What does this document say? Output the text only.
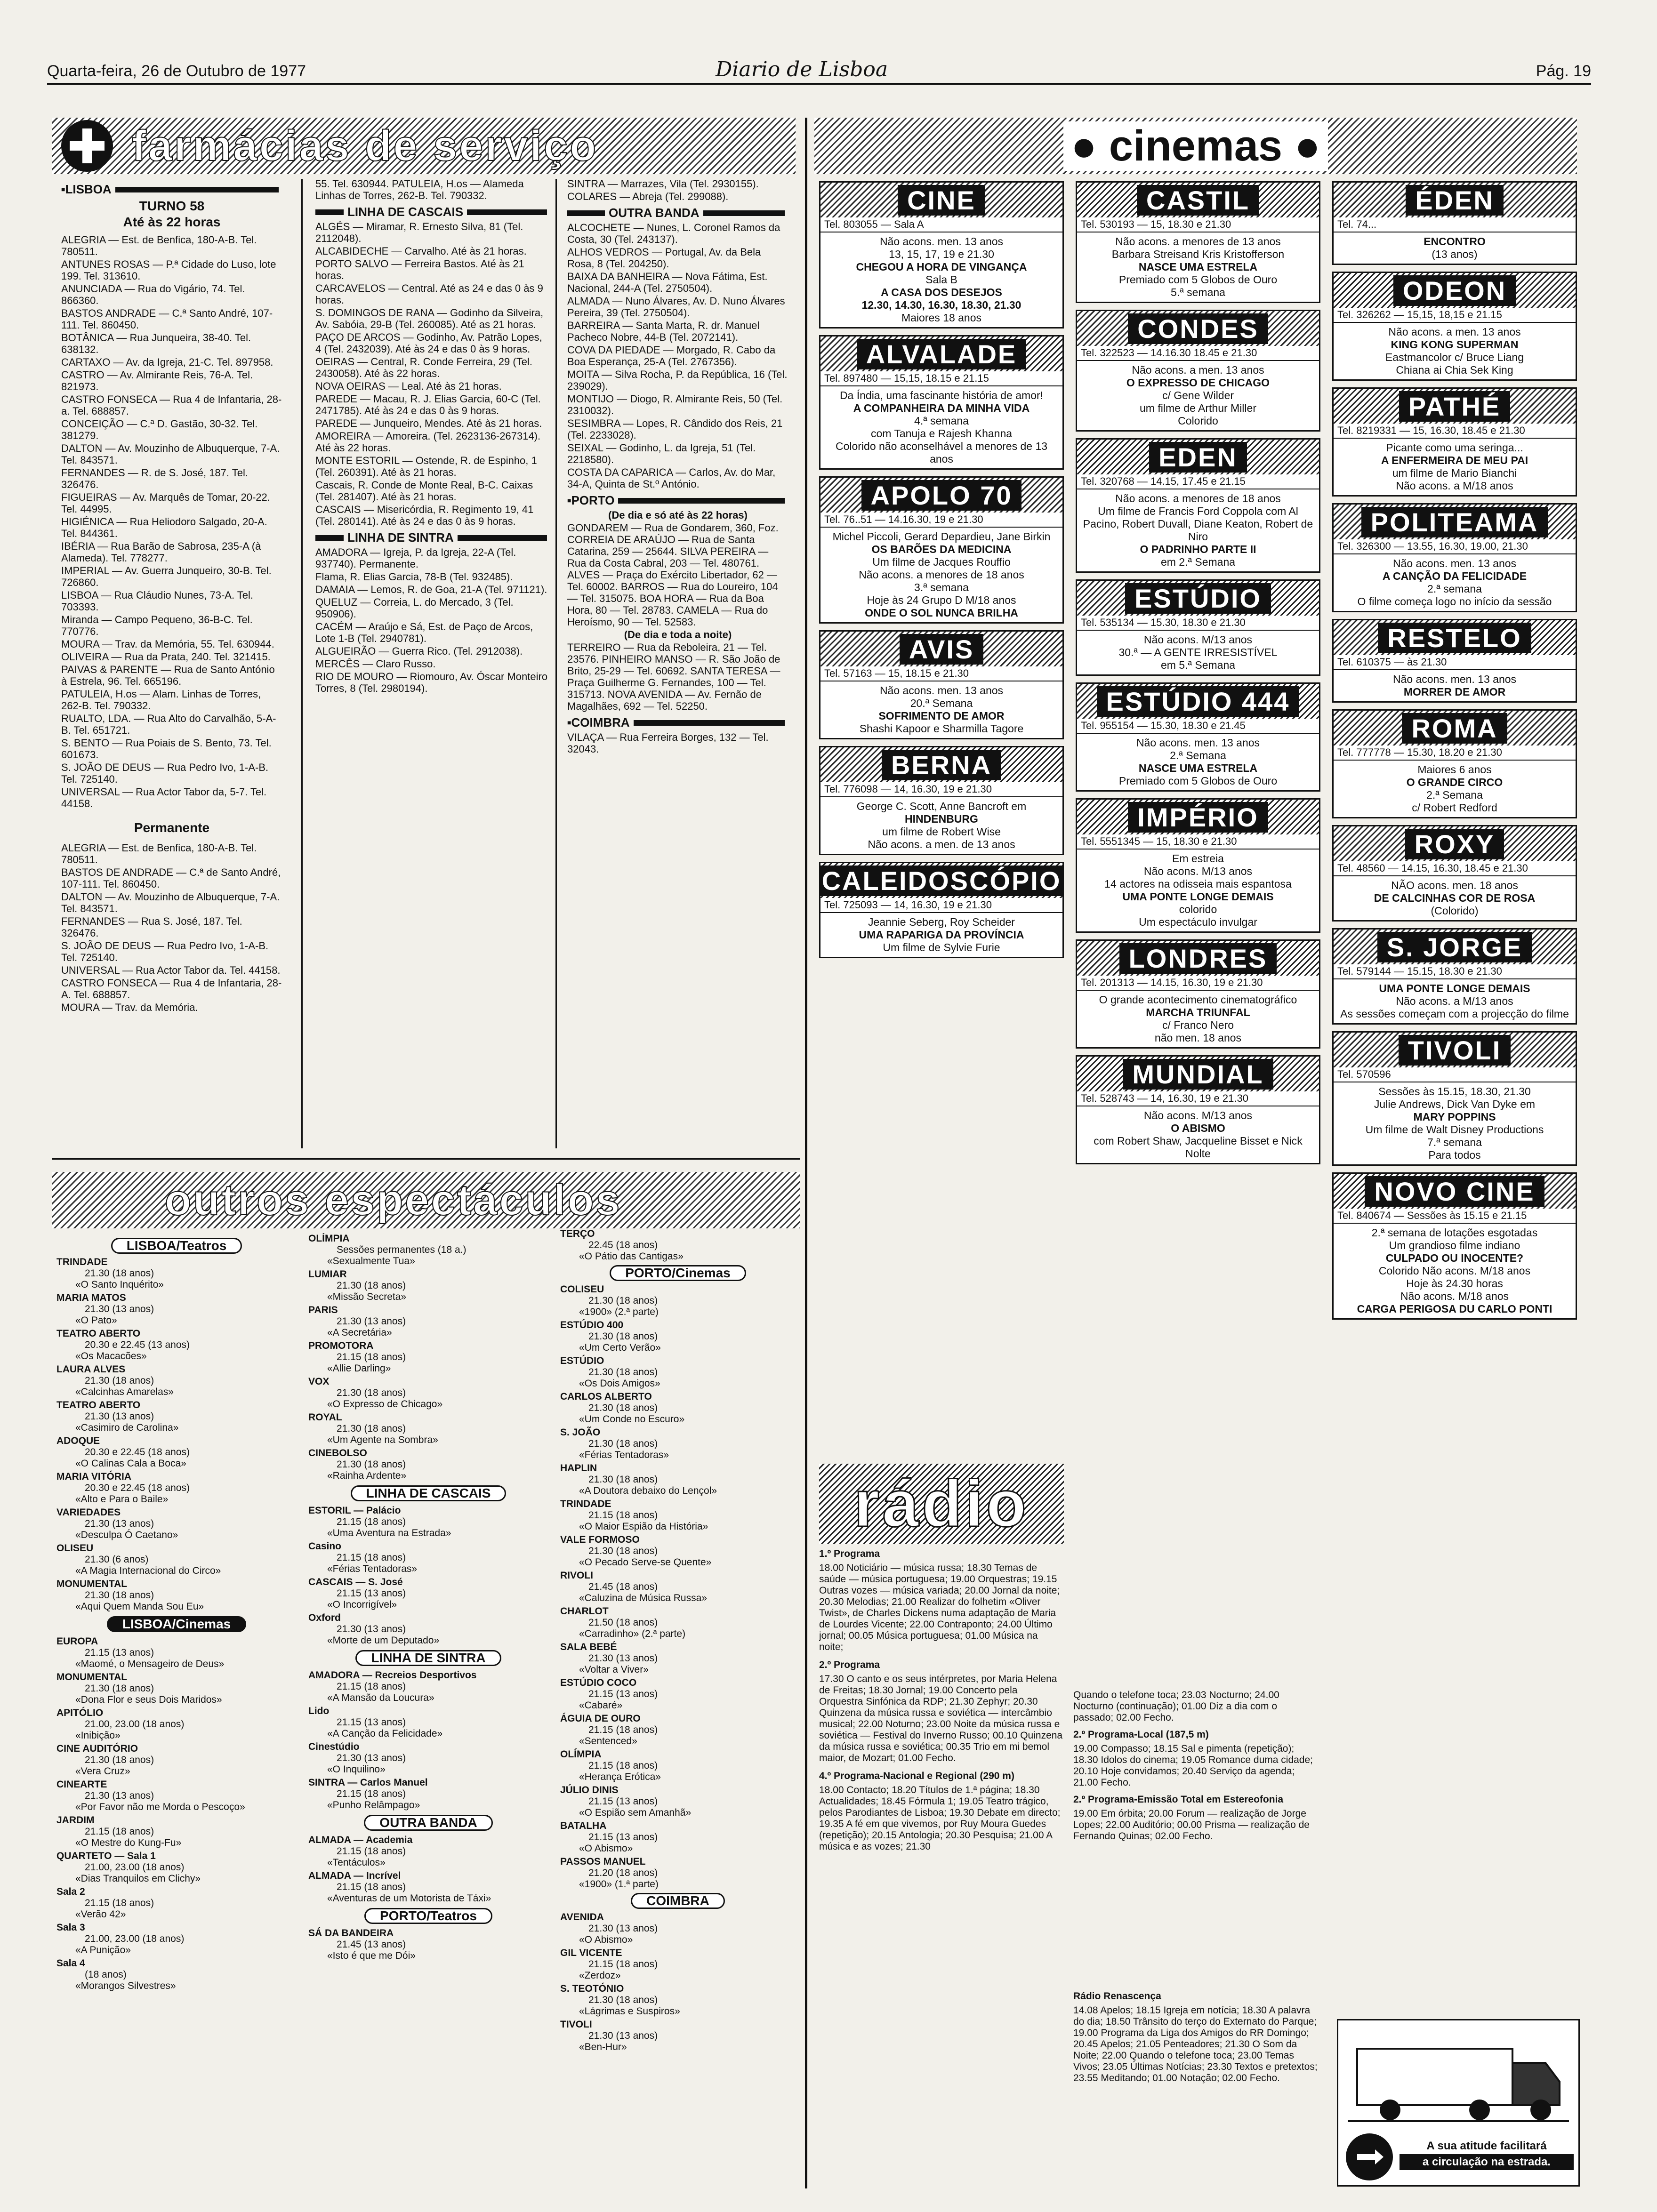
Quarta-feira, 26 de Outubro de 1977	Diario de Lisboa	Pág. 19
farmácias de serviço
■ LISBOA
TURNO 58
Até às 22 horas

ALEGRIA — Est. de Benfica, 180-A-B. Tel. 780511.

ANTUNES ROSAS — P.ª Cidade do Luso, lote 199. Tel. 313610.

ANUNCIADA — Rua do Vigário, 74. Tel. 866360.

BASTOS ANDRADE — C.ª Santo André, 107-111. Tel. 860450.

BOTÂNICA — Rua Junqueira, 38-40. Tel. 638132.

CARTAXO — Av. da Igreja, 21-C. Tel. 897958.

CASTRO — Av. Almirante Reis, 76-A. Tel. 821973.

CASTRO FONSECA — Rua 4 de Infantaria, 28-a. Tel. 688857.

CONCEIÇÃO — C.ª D. Gastão, 30-32. Tel. 381279.

DALTON — Av. Mouzinho de Albuquerque, 7-A. Tel. 843571.

FERNANDES — R. de S. José, 187. Tel. 326476.

FIGUEIRAS — Av. Marquês de Tomar, 20-22. Tel. 44995.

HIGIÉNICA — Rua Heliodoro Salgado, 20-A. Tel. 844361.

IBÉRIA — Rua Barão de Sabrosa, 235-A (à Alameda). Tel. 778277.

IMPERIAL — Av. Guerra Junqueiro, 30-B. Tel. 726860.

LISBOA — Rua Cláudio Nunes, 73-A. Tel. 703393.

Miranda — Campo Pequeno, 36-B-C. Tel. 770776.

MOURA — Trav. da Memória, 55. Tel. 630944.

OLIVEIRA — Rua da Prata, 240. Tel. 321415.

PAIVAS & PARENTE — Rua de Santo António à Estrela, 96. Tel. 665196.

PATULEIA, H.os — Alam. Linhas de Torres, 262-B. Tel. 790332.

RUALTO, LDA. — Rua Alto do Carvalhão, 5-A-B. Tel. 651721.

S. BENTO — Rua Poiais de S. Bento, 73. Tel. 601673.

S. JOÃO DE DEUS — Rua Pedro Ivo, 1-A-B. Tel. 725140.

UNIVERSAL — Rua Actor Tabor da, 5-7. Tel. 44158.

Permanente

ALEGRIA — Est. de Benfica, 180-A-B. Tel. 780511.

BASTOS DE ANDRADE — C.ª de Santo André, 107-111. Tel. 860450.

DALTON — Av. Mouzinho de Albuquerque, 7-A. Tel. 843571.

FERNANDES — Rua S. José, 187. Tel. 326476.

S. JOÃO DE DEUS — Rua Pedro Ivo, 1-A-B. Tel. 725140.

UNIVERSAL — Rua Actor Tabor da. Tel. 44158.

CASTRO FONSECA — Rua 4 de Infantaria, 28-A. Tel. 688857.

MOURA — Trav. da Memória.

55. Tel. 630944. PATULEIA, H.os — Alameda Linhas de Torres, 262-B. Tel. 790332.

LINHA DE CASCAIS

ALGÉS — Miramar, R. Ernesto Silva, 81 (Tel. 2112048).

ALCABIDECHE — Carvalho. Até às 21 horas.

PORTO SALVO — Ferreira Bastos. Até às 21 horas.

CARCAVELOS — Central. Até as 24 e das 0 às 9 horas.

S. DOMINGOS DE RANA — Godinho da Silveira, Av. Sabóia, 29-B (Tel. 260085). Até as 21 horas.

PAÇO DE ARCOS — Godinho, Av. Patrão Lopes, 4 (Tel. 2432039). Até às 24 e das 0 às 9 horas.

OEIRAS — Central, R. Conde Ferreira, 29 (Tel. 2430058). Até às 22 horas.

NOVA OEIRAS — Leal. Até às 21 horas.

PAREDE — Macau, R. J. Elias Garcia, 60-C (Tel. 2471785). Até às 24 e das 0 às 9 horas.

PAREDE — Junqueiro, Mendes. Até às 21 horas.

AMOREIRA — Amoreira. (Tel. 2623136-267314). Até às 22 horas.

MONTE ESTORIL — Ostende, R. de Espinho, 1 (Tel. 260391). Até às 21 horas.

Cascais, R. Conde de Monte Real, B-C. Caixas (Tel. 281407). Até às 21 horas.

CASCAIS — Misericórdia, R. Regimento 19, 41 (Tel. 280141). Até às 24 e das 0 às 9 horas.

LINHA DE SINTRA

AMADORA — Igreja, P. da Igreja, 22-A (Tel. 937740). Permanente.

Flama, R. Elias Garcia, 78-B (Tel. 932485).

DAMAIA — Lemos, R. de Goa, 21-A (Tel. 971121).

QUELUZ — Correia, L. do Mercado, 3 (Tel. 950906).

CACÉM — Araújo e Sá, Est. de Paço de Arcos, Lote 1-B (Tel. 2940781).

ALGUEIRÃO — Guerra Rico. (Tel. 2912038).

MERCÊS — Claro Russo.

RIO DE MOURO — Riomouro, Av. Óscar Monteiro Torres, 8 (Tel. 2980194).

SINTRA — Marrazes, Vila (Tel. 2930155).

COLARES — Abreja (Tel. 299088).

OUTRA BANDA

ALCOCHETE — Nunes, L. Coronel Ramos da Costa, 30 (Tel. 243137).

ALHOS VEDROS — Portugal, Av. da Bela Rosa, 8 (Tel. 204250).

BAIXA DA BANHEIRA — Nova Fátima, Est. Nacional, 244-A (Tel. 2750504).

ALMADA — Nuno Álvares, Av. D. Nuno Álvares Pereira, 39 (Tel. 2750504).

BARREIRA — Santa Marta, R. dr. Manuel Pacheco Nobre, 44-B (Tel. 2072141).

COVA DA PIEDADE — Morgado, R. Cabo da Boa Esperança, 25-A (Tel. 2767356).

MOITA — Silva Rocha, P. da República, 16 (Tel. 239029).

MONTIJO — Diogo, R. Almirante Reis, 50 (Tel. 2310032).

SESIMBRA — Lopes, R. Cândido dos Reis, 21 (Tel. 2233028).

SEIXAL — Godinho, L. da Igreja, 51 (Tel. 2218580).

COSTA DA CAPARICA — Carlos, Av. do Mar, 34-A, Quinta de St.º António.

■ PORTO

(De dia e só até às 22 horas)

GONDAREM — Rua de Gondarem, 360, Foz. CORREIA DE ARAÚJO — Rua de Santa Catarina, 259 — 25644. SILVA PEREIRA — Rua da Costa Cabral, 203 — Tel. 480761. ALVES — Praça do Exército Libertador, 62 — Tel. 60002. BARROS — Rua do Loureiro, 104 — Tel. 315075. BOA HORA — Rua da Boa Hora, 80 — Tel. 28783. CAMELA — Rua do Heroísmo, 90 — Tel. 52583.

(De dia e toda a noite)

TERREIRO — Rua da Reboleira, 21 — Tel. 23576. PINHEIRO MANSO — R. São João de Brito, 25-29 — Tel. 60692. SANTA TERESA — Praça Guilherme G. Fernandes, 100 — Tel. 315713. NOVA AVENIDA — Av. Fernão de Magalhães, 692 — Tel. 52250.

■ COIMBRA

VILAÇA — Rua Ferreira Borges, 132 — Tel. 32043.

outros espectáculos
LISBOA/Teatros
TRINDADE
21.30 (18 anos)
«O Santo Inquérito»
MARIA MATOS
21.30 (13 anos)
«O Pato»
TEATRO ABERTO
20.30 e 22.45 (13 anos)
«Os Macacões»
LAURA ALVES
21.30 (18 anos)
«Calcinhas Amarelas»
TEATRO ABERTO
21.30 (13 anos)
«Casimiro de Carolina»
ADOQUE
20.30 e 22.45 (18 anos)
«O Calinas Cala a Boca»
MARIA VITÓRIA
20.30 e 22.45 (18 anos)
«Alto e Para o Baile»
VARIEDADES
21.30 (13 anos)
«Desculpa Ó Caetano»
OLISEU
21.30 (6 anos)
«A Magia Internacional do Circo»
MONUMENTAL
21.30 (18 anos)
«Aqui Quem Manda Sou Eu»
LISBOA/Cinemas
EUROPA
21.15 (13 anos)
«Maomé, o Mensageiro de Deus»
MONUMENTAL
21.30 (18 anos)
«Dona Flor e seus Dois Maridos»
APITÓLIO
21.00, 23.00 (18 anos)
«Inibição»
CINE AUDITÓRIO
21.30 (18 anos)
«Vera Cruz»
CINEARTE
21.30 (13 anos)
«Por Favor não me Morda o Pescoço»
JARDIM
21.15 (18 anos)
«O Mestre do Kung-Fu»
QUARTETO — Sala 1
21.00, 23.00 (18 anos)
«Dias Tranquilos em Clichy»
Sala 2
21.15 (18 anos)
«Verão 42»
Sala 3
21.00, 23.00 (18 anos)
«A Punição»
Sala 4
(18 anos)
«Morangos Silvestres»
OLÍMPIA
Sessões permanentes (18 a.)
«Sexualmente Tua»
LUMIAR
21.30 (18 anos)
«Missão Secreta»
PARIS
21.30 (13 anos)
«A Secretária»
PROMOTORA
21.15 (18 anos)
«Allie Darling»
VOX
21.30 (18 anos)
«O Expresso de Chicago»
ROYAL
21.30 (18 anos)
«Um Agente na Sombra»
CINEBOLSO
21.30 (18 anos)
«Rainha Ardente»
LINHA DE CASCAIS
ESTORIL — Palácio
21.15 (18 anos)
«Uma Aventura na Estrada»
Casino
21.15 (18 anos)
«Férias Tentadoras»
CASCAIS — S. José
21.15 (13 anos)
«O Incorrigível»
Oxford
21.30 (13 anos)
«Morte de um Deputado»
LINHA DE SINTRA
AMADORA — Recreios Desportivos
21.15 (18 anos)
«A Mansão da Loucura»
Lido
21.15 (13 anos)
«A Canção da Felicidade»
Cinestúdio
21.30 (13 anos)
«O Inquilino»
SINTRA — Carlos Manuel
21.15 (18 anos)
«Punho Relâmpago»
OUTRA BANDA
ALMADA — Academia
21.15 (18 anos)
«Tentáculos»
ALMADA — Incrível
21.15 (18 anos)
«Aventuras de um Motorista de Táxi»
PORTO/Teatros
SÁ DA BANDEIRA
21.45 (13 anos)
«Isto é que me Dói»
TERÇO
22.45 (18 anos)
«O Pátio das Cantigas»
PORTO/Cinemas
COLISEU
21.30 (18 anos)
«1900» (2.ª parte)
ESTÚDIO 400
21.30 (18 anos)
«Um Certo Verão»
ESTÚDIO
21.30 (18 anos)
«Os Dois Amigos»
CARLOS ALBERTO
21.30 (18 anos)
«Um Conde no Escuro»
S. JOÃO
21.30 (18 anos)
«Férias Tentadoras»
HAPLIN
21.30 (18 anos)
«A Doutora debaixo do Lençol»
TRINDADE
21.15 (18 anos)
«O Maior Espião da História»
VALE FORMOSO
21.30 (18 anos)
«O Pecado Serve-se Quente»
RIVOLI
21.45 (18 anos)
«Caluzina de Música Russa»
CHARLOT
21.50 (18 anos)
«Carradinho» (2.ª parte)
SALA BEBÉ
21.30 (13 anos)
«Voltar a Viver»
ESTÚDIO COCO
21.15 (13 anos)
«Cabaré»
ÁGUIA DE OURO
21.15 (18 anos)
«Sentenced»
OLÍMPIA
21.15 (18 anos)
«Herança Erótica»
JÚLIO DINIS
21.15 (13 anos)
«O Espião sem Amanhã»
BATALHA
21.15 (13 anos)
«O Abismo»
PASSOS MANUEL
21.20 (18 anos)
«1900» (1.ª parte)
COIMBRA
AVENIDA
21.30 (13 anos)
«O Abismo»
GIL VICENTE
21.15 (18 anos)
«Zerdoz»
S. TEOTÓNIO
21.30 (18 anos)
«Lágrimas e Suspiros»
TIVOLI
21.30 (13 anos)
«Ben-Hur»
● cinemas ●
CINE
Tel. 803055 — Sala A
Não acons. men. 13 anos
13, 15, 17, 19 e 21.30
CHEGOU A HORA DE VINGANÇA
Sala B
A CASA DOS DESEJOS
12.30, 14.30, 16.30, 18.30, 21.30
Maiores 18 anos
ALVALADE
Tel. 897480 — 15,15, 18.15 e 21.15
Da Índia, uma fascinante história de amor!
A COMPANHEIRA DA MINHA VIDA
4.ª semana
com Tanuja e Rajesh Khanna
Colorido não aconselhável a menores de 13 anos
APOLO 70
Tel. 76..51 — 14.16.30, 19 e 21.30
Michel Piccoli, Gerard Depardieu, Jane Birkin
OS BARÕES DA MEDICINA
Um filme de Jacques Rouffio
Não acons. a menores de 18 anos
3.ª semana
Hoje às 24 Grupo D M/18 anos
ONDE O SOL NUNCA BRILHA
AVIS
Tel. 57163 — 15, 18.15 e 21.30
Não acons. men. 13 anos
20.ª Semana
SOFRIMENTO DE AMOR
Shashi Kapoor e Sharmilla Tagore
BERNA
Tel. 776098 — 14, 16.30, 19 e 21.30
George C. Scott, Anne Bancroft em
HINDENBURG
um filme de Robert Wise
Não acons. a men. de 13 anos
CALEIDOSCÓPIO
Tel. 725093 — 14, 16.30, 19 e 21.30
Jeannie Seberg, Roy Scheider
UMA RAPARIGA DA PROVÍNCIA
Um filme de Sylvie Furie
CASTIL
Tel. 530193 — 15, 18.30 e 21.30
Não acons. a menores de 13 anos
Barbara Streisand Kris Kristofferson
NASCE UMA ESTRELA
Premiado com 5 Globos de Ouro
5.ª semana
CONDES
Tel. 322523 — 14.16.30 18.45 e 21.30
Não acons. a men. 13 anos
O EXPRESSO DE CHICAGO
c/ Gene Wilder
um filme de Arthur Miller
Colorido
EDEN
Tel. 320768 — 14.15, 17.45 e 21.15
Não acons. a menores de 18 anos
Um filme de Francis Ford Coppola com Al Pacino, Robert Duvall, Diane Keaton, Robert de Niro
O PADRINHO PARTE II
em 2.ª Semana
ESTÚDIO
Tel. 535134 — 15.30, 18.30 e 21.30
Não acons. M/13 anos
30.ª — A GENTE IRRESISTÍVEL
em 5.ª Semana
ESTÚDIO 444
Tel. 955154 — 15.30, 18.30 e 21.45
Não acons. men. 13 anos
2.ª Semana
NASCE UMA ESTRELA
Premiado com 5 Globos de Ouro
IMPÉRIO
Tel. 5551345 — 15, 18.30 e 21.30
Em estreia
Não acons. M/13 anos
14 actores na odisseia mais espantosa
UMA PONTE LONGE DEMAIS
colorido
Um espectáculo invulgar
LONDRES
Tel. 201313 — 14.15, 16.30, 19 e 21.30
O grande acontecimento cinematográfico
MARCHA TRIUNFAL
c/ Franco Nero
não men. 18 anos
MUNDIAL
Tel. 528743 — 14, 16.30, 19 e 21.30
Não acons. M/13 anos
O ABISMO
com Robert Shaw, Jacqueline Bisset e Nick Nolte
ÉDEN
Tel. 74...
ENCONTRO
(13 anos)
ODEON
Tel. 326262 — 15,15, 18,15 e 21.15
Não acons. a men. 13 anos
KING KONG SUPERMAN
Eastmancolor c/ Bruce Liang
Chiana ai Chia Sek King
PATHÉ
Tel. 8219331 — 15, 16.30, 18.45 e 21.30
Picante como uma seringa...
A ENFERMEIRA DE MEU PAI
um filme de Mario Bianchi
Não acons. a M/18 anos
POLITEAMA
Tel. 326300 — 13.55, 16.30, 19.00, 21.30
Não acons. men. 13 anos
A CANÇÃO DA FELICIDADE
2.ª semana
O filme começa logo no início da sessão
RESTELO
Tel. 610375 — às 21.30
Não acons. men. 13 anos
MORRER DE AMOR
ROMA
Tel. 777778 — 15.30, 18.20 e 21.30
Maiores 6 anos
O GRANDE CIRCO
2.ª Semana
c/ Robert Redford
ROXY
Tel. 48560 — 14.15, 16.30, 18.45 e 21.30
NÃO acons. men. 18 anos
DE CALCINHAS COR DE ROSA
(Colorido)
S. JORGE
Tel. 579144 — 15.15, 18.30 e 21.30
UMA PONTE LONGE DEMAIS
Não acons. a M/13 anos
As sessões começam com a projecção do filme
TIVOLI
Tel. 570596
Sessões às 15.15, 18.30, 21.30
Julie Andrews, Dick Van Dyke em
MARY POPPINS
Um filme de Walt Disney Productions
7.ª semana
Para todos
NOVO CINE
Tel. 840674 — Sessões às 15.15 e 21.15
2.ª semana de lotações esgotadas
Um grandioso filme indiano
CULPADO OU INOCENTE?
Colorido Não acons. M/18 anos
Hoje às 24.30 horas
Não acons. M/18 anos
CARGA PERIGOSA DU CARLO PONTI
rádio

1.º Programa

18.00 Noticiário — música russa; 18.30 Temas de saúde — música portuguesa; 19.00 Orquestras; 19.15 Outras vozes — música variada; 20.00 Jornal da noite; 20.30 Melodias; 21.00 Realizar do folhetim «Oliver Twist», de Charles Dickens numa adaptação de Maria de Lourdes Vicente; 22.00 Contraponto; 24.00 Último jornal; 00.05 Música portuguesa; 01.00 Música na noite;

2.º Programa

17.30 O canto e os seus intérpretes, por Maria Helena de Freitas; 18.30 Jornal; 19.00 Concerto pela Orquestra Sinfónica da RDP; 21.30 Zephyr; 20.30 Quinzena da música russa e soviética — intercâmbio musical; 22.00 Noturno; 23.00 Noite da música russa e soviética — Festival do Inverno Russo; 00.10 Quinzena da música russa e soviética; 00.35 Trio em mi bemol maior, de Mozart; 01.00 Fecho.

4.º Programa-Nacional e Regional (290 m)

18.00 Contacto; 18.20 Títulos de 1.ª página; 18.30 Actualidades; 18.45 Fórmula 1; 19.05 Teatro trágico, pelos Parodiantes de Lisboa; 19.30 Debate em directo; 19.35 A fé em que vivemos, por Ruy Moura Guedes (repetição); 20.15 Antologia; 20.30 Pesquisa; 21.00 A música e as vozes; 21.30

Quando o telefone toca; 23.03 Nocturno; 24.00 Nocturno (continuação); 01.00 Diz a dia com o passado; 02.00 Fecho.

2.º Programa-Local (187,5 m)

19.00 Compasso; 18.15 Sal e pimenta (repetição); 18.30 Idolos do cinema; 19.05 Romance duma cidade; 20.10 Hoje convidamos; 20.40 Serviço da agenda; 21.00 Fecho.

2.º Programa-Emissão Total em Estereofonia

19.00 Em órbita; 20.00 Forum — realização de Jorge Lopes; 22.00 Auditório; 00.00 Prisma — realização de Fernando Quinas; 02.00 Fecho.

Rádio Renascença

14.08 Apelos; 18.15 Igreja em notícia; 18.30 A palavra do dia; 18.50 Trânsito do terço do Externato do Parque; 19.00 Programa da Liga dos Amigos do RR Domingo; 20.45 Apelos; 21.05 Penteadores; 21.30 O Som da Noite; 22.00 Quando o telefone toca; 23.00 Temas Vivos; 23.05 Últimas Notícias; 23.30 Textos e pretextos; 23.55 Meditando; 01.00 Notação; 02.00 Fecho.

A sua atitude facilitará
a circulação na estrada.
